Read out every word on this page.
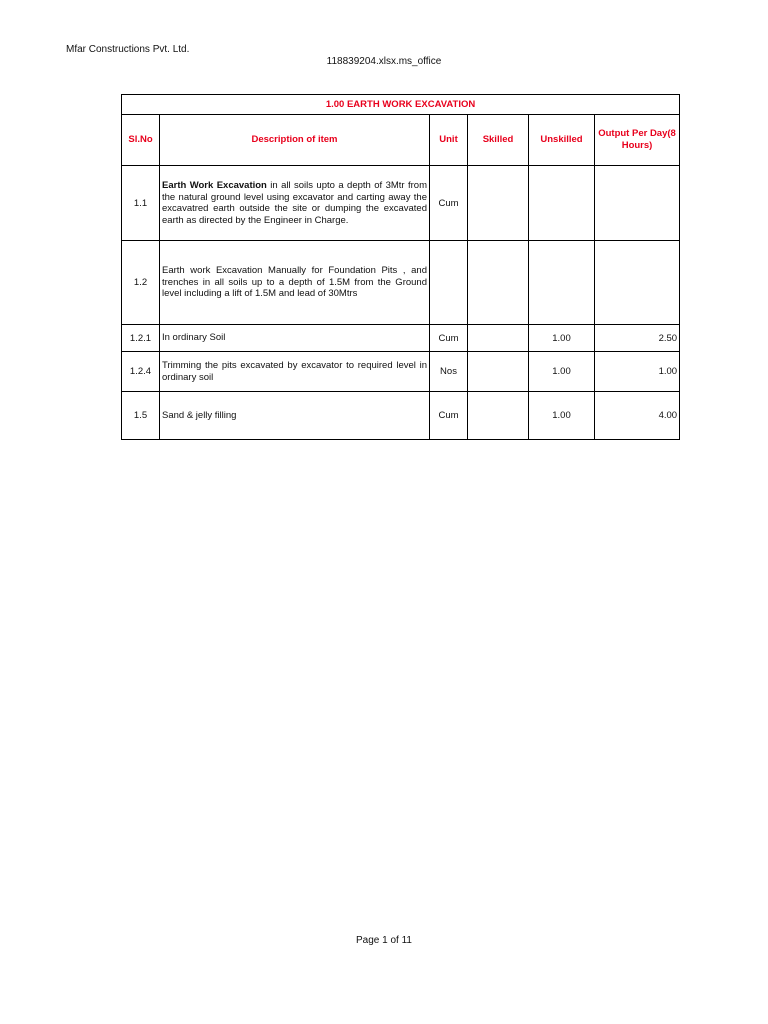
Mfar Constructions Pvt. Ltd.
118839204.xlsx.ms_office
1.00 EARTH WORK EXCAVATION					
Sl.No	Description of item	Unit	Skilled	Unskilled	Output Per Day(8 Hours)
1.1	Earth Work Excavation in all soils upto a depth of 3Mtr from the natural ground level using excavator and carting away the excavatred earth outside the site or dumping the excavated earth as directed by the Engineer in Charge.	Cum			
1.2	Earth work Excavation Manually for Foundation Pits , and trenches in all soils up to a depth of 1.5M from the Ground level including a lift of 1.5M and lead of 30Mtrs				
1.2.1	In ordinary Soil	Cum		1.00	2.50
1.2.4	Trimming the pits excavated by excavator to required level in ordinary soil	Nos		1.00	1.00
1.5	Sand & jelly filling	Cum		1.00	4.00
Page 1 of 11
